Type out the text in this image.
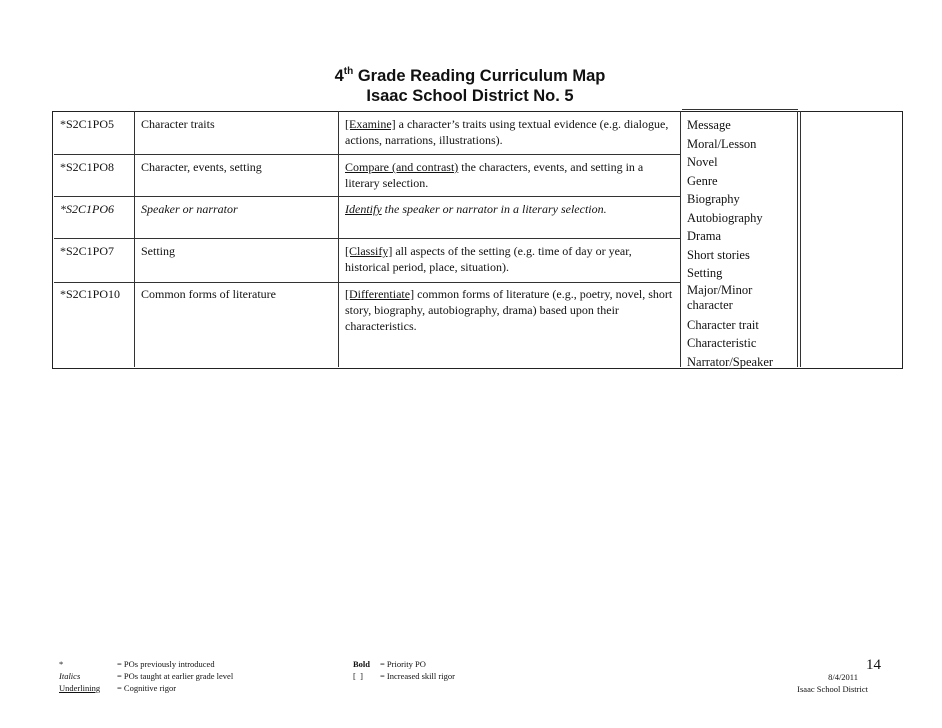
4th Grade Reading Curriculum Map
Isaac School District No. 5
*S2C1PO5 Character traits	[Examine] a character’s traits using textual evidence (e.g. dialogue, actions, narrations, illustrations).
*S2C1PO8 Character, events, setting	Compare (and contrast) the characters, events, and setting in a literary selection.
*S2C1PO6 Speaker or narrator	Identify the speaker or narrator in a literary selection.
*S2C1PO7 Setting	[Classify] all aspects of the setting (e.g. time of day or year, historical period, place, situation).
*S2C1PO10 Common forms of literature	[Differentiate] common forms of literature (e.g., poetry, novel, short story, biography, autobiography, drama) based upon their characteristics.
Message
Moral/Lesson
Novel
Genre
Biography
Autobiography
Drama
Short stories
Setting
Major/Minor character
Character trait
Characteristic
Narrator/Speaker
*	= POs previously introduced
Italics	= POs taught at earlier grade level
Underlining = Cognitive rigor
Bold = Priority PO
[  ] = Increased skill rigor
14
8/4/2011
Isaac School District
